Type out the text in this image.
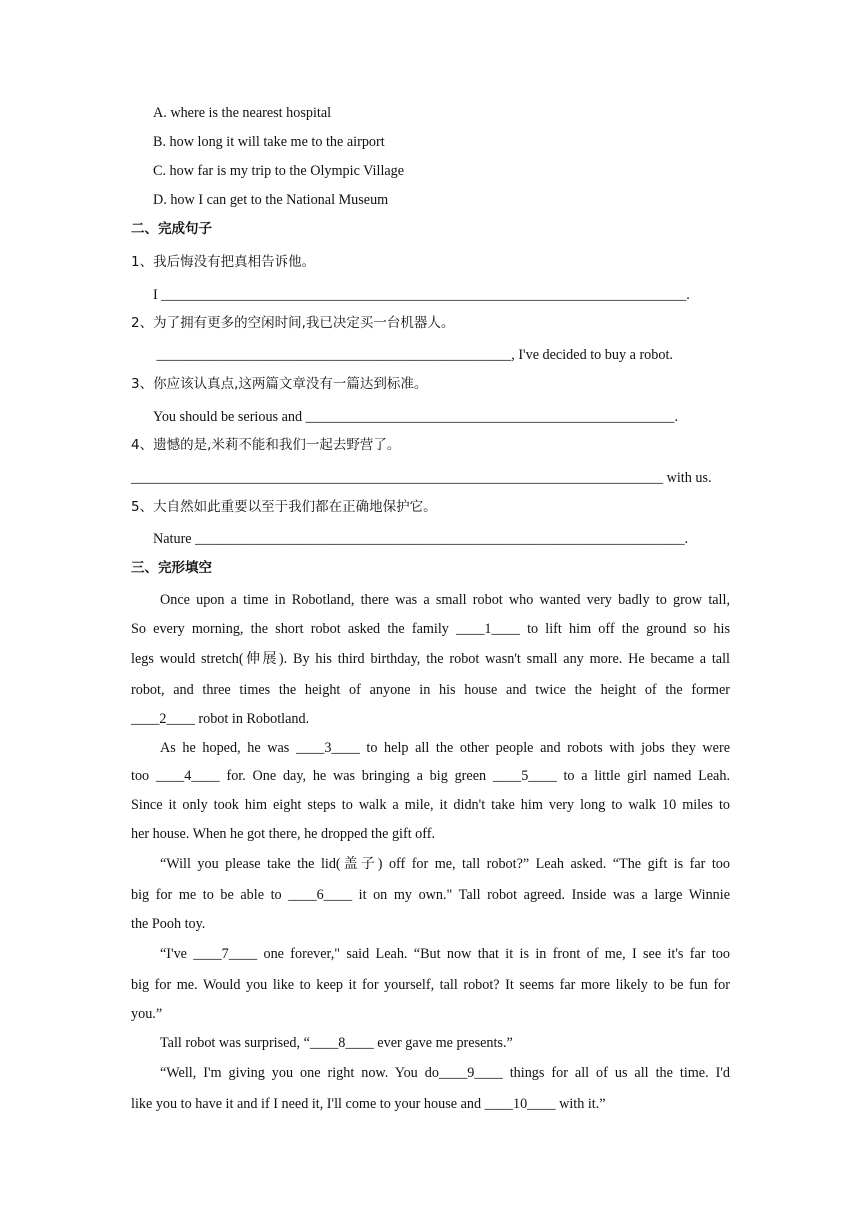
A. where is the nearest hospital
B. how long it will take me to the airport
C. how far is my trip to the Olympic Village
D. how I can get to the National Museum
二、完成句子
1、我后悔没有把真相告诉他。
I __________________________________________________________________________.
2、为了拥有更多的空闲时间,我已决定买一台机器人。
__________________________________________________, I've decided to buy a robot.
3、你应该认真点,这两篇文章没有一篇达到标准。
You should be serious and ____________________________________________________.
4、遗憾的是,米莉不能和我们一起去野营了。
___________________________________________________________________________ with us.
5、大自然如此重要以至于我们都在正确地保护它。
Nature _____________________________________________________________________.
三、完形填空
Once upon a time in Robotland, there was a small robot who wanted very badly to grow tall,
So every morning, the short robot asked the family ____1____ to lift him off the ground so his
legs would stretch(伸展). By his third birthday, the robot wasn't small any more. He became a tall
robot, and three times the height of anyone in his house and twice the height of the former
____2____ robot in Robotland.
As he hoped, he was ____3____ to help all the other people and robots with jobs they were
too ____4____ for. One day, he was bringing a big green ____5____ to a little girl named Leah.
Since it only took him eight steps to walk a mile, it didn't take him very long to walk 10 miles to
her house. When he got there, he dropped the gift off.
“Will you please take the lid(盖子) off for me, tall robot?” Leah asked. “The gift is far too
big for me to be able to ____6____ it on my own." Tall robot agreed. Inside was a large Winnie
the Pooh toy.
“I've ____7____ one forever," said Leah. “But now that it is in front of me, I see it's far too
big for me. Would you like to keep it for yourself, tall robot? It seems far more likely to be fun for
you.”
Tall robot was surprised, “____8____ ever gave me presents.”
“Well, I'm giving you one right now. You do____9____ things for all of us all the time. I'd
like you to have it and if I need it, I'll come to your house and ____10____ with it.”
